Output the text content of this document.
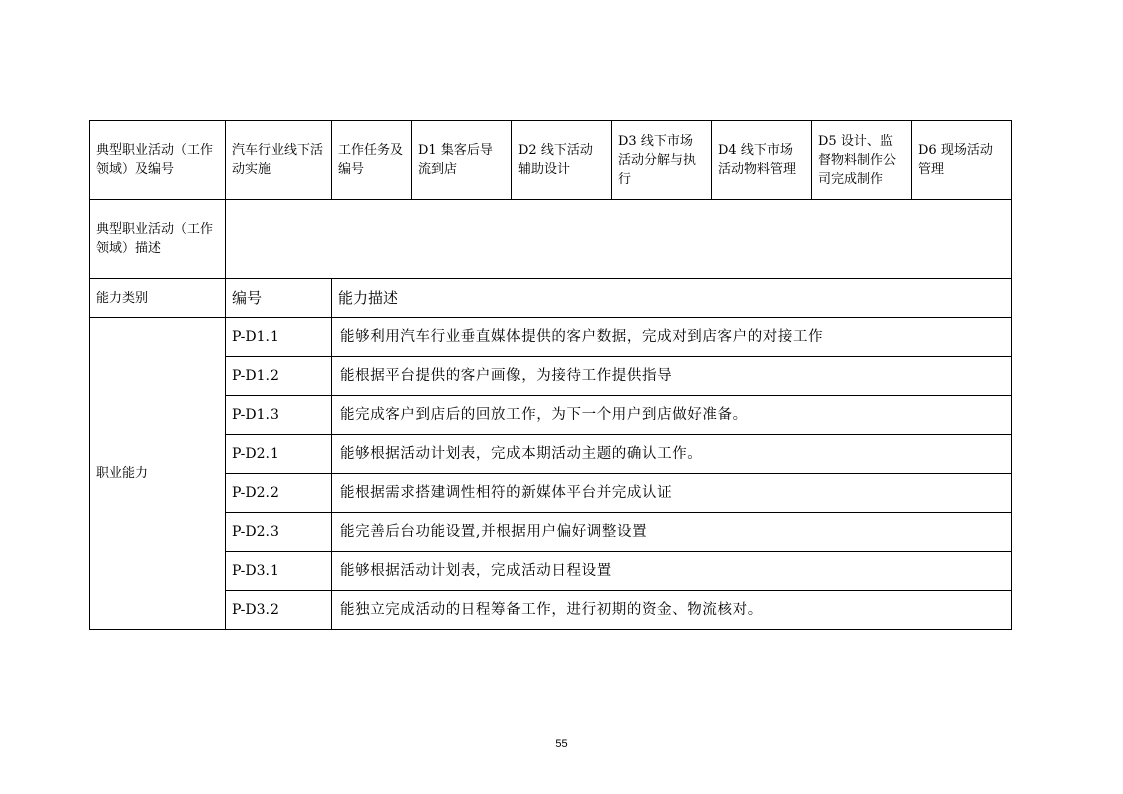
典型职业活动（工作领域）及编号	汽车行业线下活动实施	工作任务及编号	D1 集客后导流到店	D2 线下活动辅助设计	D3 线下市场活动分解与执行	D4 线下市场活动物料管理	D5 设计、监督物料制作公司完成制作	D6 现场活动管理
典型职业活动（工作领域）描述								
能力类别	编号	能力描述						
职业能力	P-D1.1	能够利用汽车行业垂直媒体提供的客户数据，完成对到店客户的对接工作						
	P-D1.2	能根据平台提供的客户画像，为接待工作提供指导						
	P-D1.3	能完成客户到店后的回放工作，为下一个用户到店做好准备。						
	P-D2.1	能够根据活动计划表，完成本期活动主题的确认工作。						
	P-D2.2	能根据需求搭建调性相符的新媒体平台并完成认证						
	P-D2.3	能完善后台功能设置,并根据用户偏好调整设置						
	P-D3.1	能够根据活动计划表，完成活动日程设置						
	P-D3.2	能独立完成活动的日程筹备工作，进行初期的资金、物流核对。						
55
